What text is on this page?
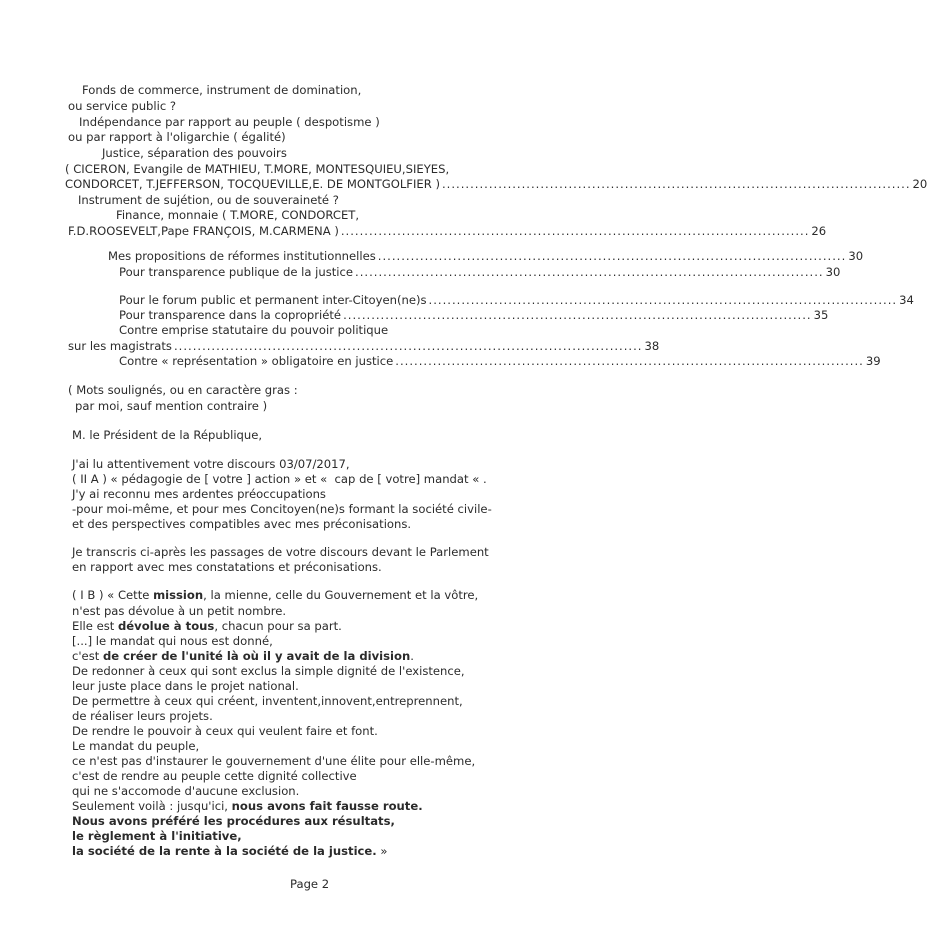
Fonds de commerce, instrument de domination,
ou service public ?
Indépendance par rapport au peuple ( despotisme )
ou par rapport à l'oligarchie ( égalité)
Justice, séparation des pouvoirs
( CICERON, Evangile de MATHIEU, T.MORE, MONTESQUIEU,SIEYES,
CONDORCET, T.JEFFERSON, TOCQUEVILLE,E. DE MONTGOLFIER ) .................................................................................................... 20
Instrument de sujétion, ou de souveraineté ?
Finance, monnaie ( T.MORE, CONDORCET,
F.D.ROOSEVELT,Pape FRANÇOIS, M.CARMENA ) .................................................................................................... 26
Mes propositions de réformes institutionnelles .................................................................................................... 30
Pour transparence publique de la justice .................................................................................................... 30
Pour le forum public et permanent inter-Citoyen(ne)s .................................................................................................... 34
Pour transparence dans la copropriété .................................................................................................... 35
Contre emprise statutaire du pouvoir politique
sur les magistrats .................................................................................................... 38
Contre « représentation » obligatoire en justice .................................................................................................... 39
( Mots soulignés, ou en caractère gras :
par moi, sauf mention contraire )
M. le Président de la République,
J'ai lu attentivement votre discours 03/07/2017,
( II A ) « pédagogie de [ votre ] action » et «  cap de [ votre] mandat « .
J'y ai reconnu mes ardentes préoccupations
-pour moi-même, et pour mes Concitoyen(ne)s formant la société civile-
et des perspectives compatibles avec mes préconisations.
Je transcris ci-après les passages de votre discours devant le Parlement
en rapport avec mes constatations et préconisations.
( I B ) « Cette mission, la mienne, celle du Gouvernement et la vôtre,
n'est pas dévolue à un petit nombre.
Elle est dévolue à tous, chacun pour sa part.
[...] le mandat qui nous est donné,
c'est de créer de l'unité là où il y avait de la division.
De redonner à ceux qui sont exclus la simple dignité de l'existence,
leur juste place dans le projet national.
De permettre à ceux qui créent, inventent,innovent,entreprennent,
de réaliser leurs projets.
De rendre le pouvoir à ceux qui veulent faire et font.
Le mandat du peuple,
ce n'est pas d'instaurer le gouvernement d'une élite pour elle-même,
c'est de rendre au peuple cette dignité collective
qui ne s'accomode d'aucune exclusion.
Seulement voilà : jusqu'ici, nous avons fait fausse route.
Nous avons préféré les procédures aux résultats,
le règlement à l'initiative,
la société de la rente à la société de la justice. »
Page 2
